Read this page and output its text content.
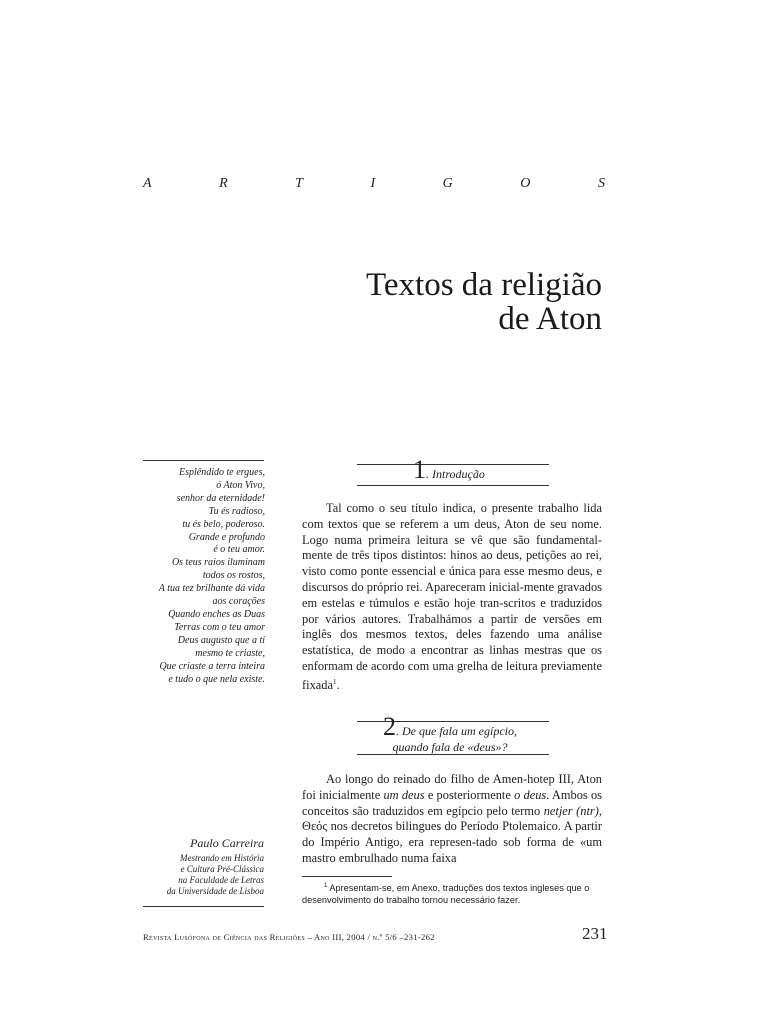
A	R	T	I	G	O	S
Textos da religião
de Aton
Esplêndido te ergues,
ó Aton Vivo,
senhor da eternidade!
Tu és radioso,
tu és belo, poderoso.
Grande e profundo
é o teu amor.
Os teus raios iluminam
todos os rostos,
A tua tez brilhante dá vida
aos corações
Quando enches as Duas
Terras com o teu amor
Deus augusto que a ti
mesmo te criaste,
Que criaste a terra inteira
e tudo o que nela existe.
1. Introdução

Tal como o seu título indica, o presente trabalho lida com textos que se referem a um deus, Aton de seu nome. Logo numa primeira leitura se vê que são fundamental-mente de três tipos distintos: hinos ao deus, petições ao rei, visto como ponte essencial e única para esse mesmo deus, e discursos do próprio rei. Apareceram inicial-mente gravados em estelas e túmulos e estão hoje tran-scritos e traduzidos por vários autores. Trabalhámos a partir de versões em inglês dos mesmos textos, deles fazendo uma análise estatística, de modo a encontrar as linhas mestras que os enformam de acordo com uma grelha de leitura previamente fixada$^1$.

2. De que fala um egípcio,
quando fala de «deus»?

Ao longo do reinado do filho de Amen-hotep III, Aton foi inicialmente um deus e posteriormente o deus. Ambos os conceitos são traduzidos em egípcio pelo termo netjer (ntr), Θεός nos decretos bilingues do Período Ptolemaico. A partir do Império Antigo, era represen-tado sob forma de «um mastro embrulhado numa faixa

Paulo Carreira
Mestrando em História
e Cultura Pré-Clássica
na Faculdade de Letras
da Universidade de Lisboa	$^1$ Apresentam-se, em Anexo, traduções dos textos ingleses que o desenvolvimento do trabalho tornou necessário fazer.
Revista Lusófona de Ciência das Religiões – Ano III, 2004 / n.º 5/6 –231-262	231
